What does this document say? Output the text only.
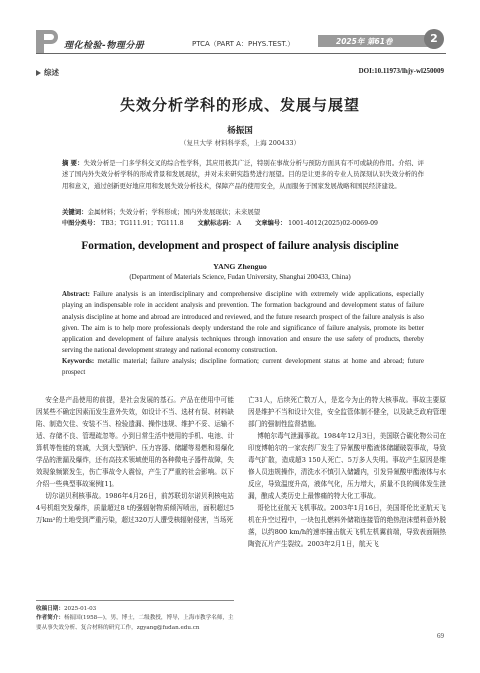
理化检验-物理分册	PTCA（PART A：PHYS.TEST.）	2025年 第61卷	2
综述	DOI:10.11973/lhjy-wl250009
失效分析学科的形成、发展与展望
杨振国
（复旦大学 材料科学系，上海 200433）
摘 要：失效分析是一门多学科交叉的综合性学科，其应用极其广泛，特别在事故分析与预防方面具有不可或缺的作用。介绍、评述了国内外失效分析学科的形成背景和发展现状，并对未来研究趋势进行展望。目的是让更多的专业人员深刻认识失效分析的作用和意义，通过创新更好地应用和发展失效分析技术，保障产品的使用安全，从而服务于国家发展战略和国民经济建设。
关键词：金属材料；失效分析；学科形成；国内外发展现状；未来展望
中图分类号： TB3；TG111.91；TG111.8 文献标志码： A 文章编号： 1001-4012(2025)02-0069-09
Formation, development and prospect of failure analysis discipline
YANG Zhenguo
(Department of Materials Science, Fudan University, Shanghai 200433, China)
Abstract: Failure analysis is an interdisciplinary and comprehensive discipline with extremely wide applications, especially playing an indispensable role in accident analysis and prevention. The formation background and development status of failure analysis discipline at home and abroad are introduced and reviewed, and the future research prospect of the failure analysis is also given. The aim is to help more professionals deeply understand the role and significance of failure analysis, promote its better application and development of failure analysis techniques through innovation and ensure the use safety of products, thereby serving the national development strategy and national economy construction.
Keywords: metallic material; failure analysis; discipline formation; current development status at home and abroad; future prospect

安全是产品使用的前提，是社会发展的基石。产品在使用中可能因某些不确定因素而发生意外失效，如设计不当、选材有误、材料缺陷、制造欠佳、安装不当、检验遗漏、操作违规、维护不妥、运输不适、存储不良、管理疏忽等。小到日常生活中使用的手机、电池、计算机等性能的衰减，大到大型锅炉、压力容器、储罐等易燃和易爆化学品的泄漏及爆炸，还有高技术领域使用的各种微电子器件故障，失效现象频繁发生，伤亡事故令人震惊，产生了严重的社会影响。以下介绍一些典型事故案例[1]。

切尔诺贝利核事故。1986年4月26日，前苏联切尔诺贝利核电站4号机组突发爆炸，质量超过8 t的强辐射物质倾泻喷出，面积超过5万km²的土地受到严重污染，超过320万人遭受核辐射侵害，当场死

亡31人，后续死亡数万人，是迄今为止的特大核事故。事故主要原因是维护不当和设计欠佳，安全监管体制不健全，以及缺乏政府管理部门的强制性监督措施。

博帕尔毒气泄漏事故。1984年12月3日，美国联合碳化物公司在印度博帕尔的一家农药厂发生了异氰酸甲酯液体储罐破裂事故，导致毒气扩散，造成超3 150人死亡、5万多人失明。事故产生原因是维修人员违规操作，清洗水不慎引入储罐内，引发异氰酸甲酯液体与水反应，导致温度升高，液体气化，压力增大，质量不良的阀体发生泄漏，酿成人类历史上最惨痛的特大化工事故。

哥伦比亚航天飞机事故。2003年1月16日，美国哥伦比亚航天飞机在升空过程中，一块包扎燃料外储箱连接管的绝热泡沫塑料意外脱落，以约800 km/h的速率撞击航天飞机左机翼前端，导致表面隔热陶瓷瓦片产生裂纹。2003年2月1日，航天飞

收稿日期：2025-01-03
作者简介：杨振国(1958—)，男，博士，二级教授，博导，上海市教学名师，主要从事失效分析、复合材料的研究工作，zgyang@fudan.edu.cn
69
